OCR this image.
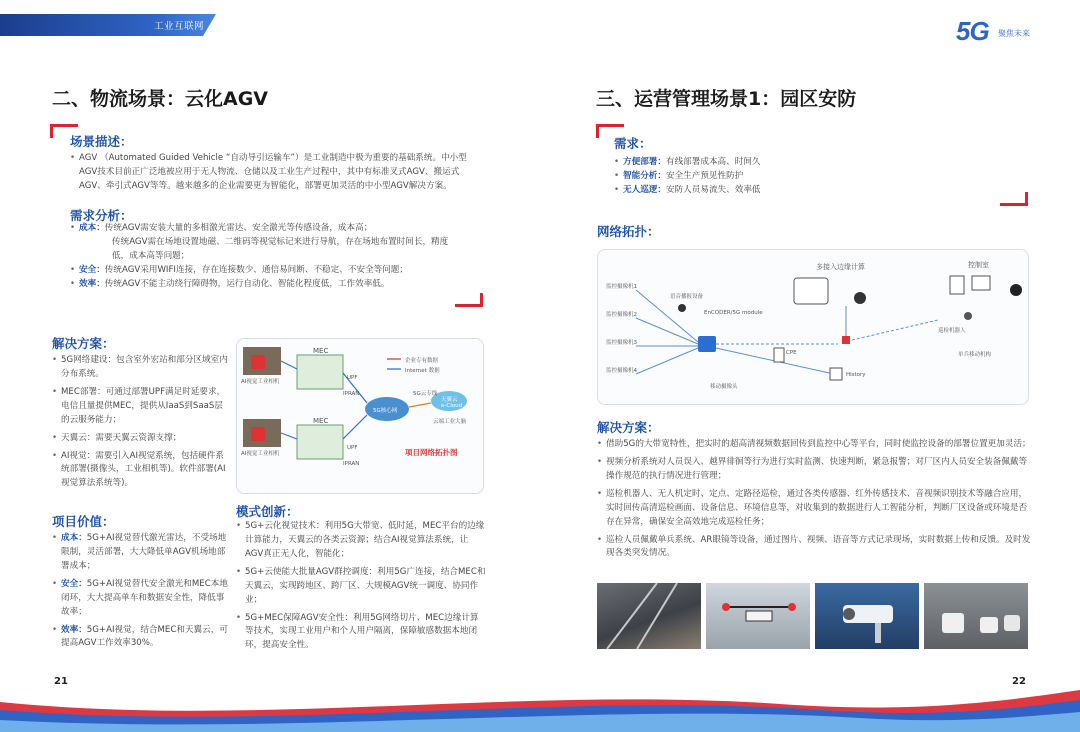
工业互联网	5G 聚焦未来
二、物流场景：云化AGV
场景描述：
• AGV （Automated Guided Vehicle “自动导引运输车”）是工业制造中极为重要的基础系统。中小型AGV技术目前正广泛地被应用于无人物流、仓储以及工业生产过程中，其中有标准叉式AGV、搬运式AGV、牵引式AGV等等。越来越多的企业需要更为智能化，部署更加灵活的中小型AGV解决方案。
需求分析：
• 成本：传统AGV需安装大量的多相激光雷达、安全激光等传感设备，成本高；
传统AGV需在场地设置地磁、二维码等视觉标记来进行导航，存在场地布置时间长，精度
低，成本高等问题；
• 安全：传统AGV采用WIFI连接，存在连接数少、通信易间断、不稳定、不安全等问题；
• 效率：传统AGV不能主动绕行障碍物，运行自动化、智能化程度低，工作效率低。
解决方案：
• 5G网络建设：包含室外宏站和部分区域室内分布系统。
• MEC部署：可通过部署UPF满足时延要求，电信且量提供MEC，提供从IaaS到SaaS层的云服务能力；
• 天翼云：需要天翼云资源支撑；
• AI视觉：需要引入AI视觉系统，包括硬件系统部署(摄像头，工业相机等)。软件部署(AI视觉算法系统等)。
项目价值：
• 成本：5G+AI视觉替代激光雷达，不受场地限制，灵活部署，大大降低单AGV机场地部署成本；
• 安全：5G+AI视觉替代安全激光和MEC本地闭环，大大提高单车和数据安全性，降低事故率；
• 效率：5G+AI视觉，结合MEC和天翼云，可提高AGV工作效率30%。
MEC
MEC
企业专有数据
Internet 数据
5G核心网
5G云专线
天翼云
e-Cloud
云端工业大脑
IPRAN
IPRAN
UPF
UPF
AI视觉工业相机
AI视觉工业相机	项目网络拓扑图
模式创新：
• 5G+云化视觉技术：利用5G大带宽、低时延，MEC平台的边缘计算能力，天翼云的各类云资源；结合AI视觉算法系统，让AGV真正无人化，智能化；
• 5G+云使能大批量AGV群控调度：利用5G广连接，结合MEC和天翼云，实现跨地区、跨厂区、大规模AGV统一调度、协同作业；
• 5G+MEC保障AGV安全性：利用5G网络切片、MEC边缘计算等技术，实现工业用户和个人用户隔离，保障敏感数据本地闭环，提高安全性。
21
三、运营管理场景1：园区安防
需求：
• 方便部署：有线部署成本高、时间久
• 智能分析：安全生产预见性防护
• 无人巡逻：安防人员易流失、效率低
网络拓扑：
多接入边缘计算	控制室
语音播报设备
EnCODER/5G module
监控摄像机1
监控摄像机2
监控摄像机3
监控摄像机4
移动摄像头
CPE
History
单兵移动机构
巡检机器人
解决方案：
• 借助5G的大带宽特性，把实时的超高清视频数据回传到监控中心等平台，同时使监控设备的部署位置更加灵活；
• 视频分析系统对人员误入、越界徘徊等行为进行实时监测、快速判断，紧急报警；对厂区内人员安全装备佩戴等操作规范的执行情况进行管理；
• 巡检机器人、无人机定时、定点、定路径巡检，通过各类传感器、红外传感技术、音视频识别技术等融合应用，实时回传高清巡检画面、设备信息、环境信息等，对收集到的数据进行人工智能分析，判断厂区设备或环境是否存在异常，确保安全高效地完成巡检任务；
• 巡检人员佩戴单兵系统、AR眼镜等设备，通过图片、视频、语音等方式记录现场，实时数据上传和反馈。及时发现各类突发情况。
22
